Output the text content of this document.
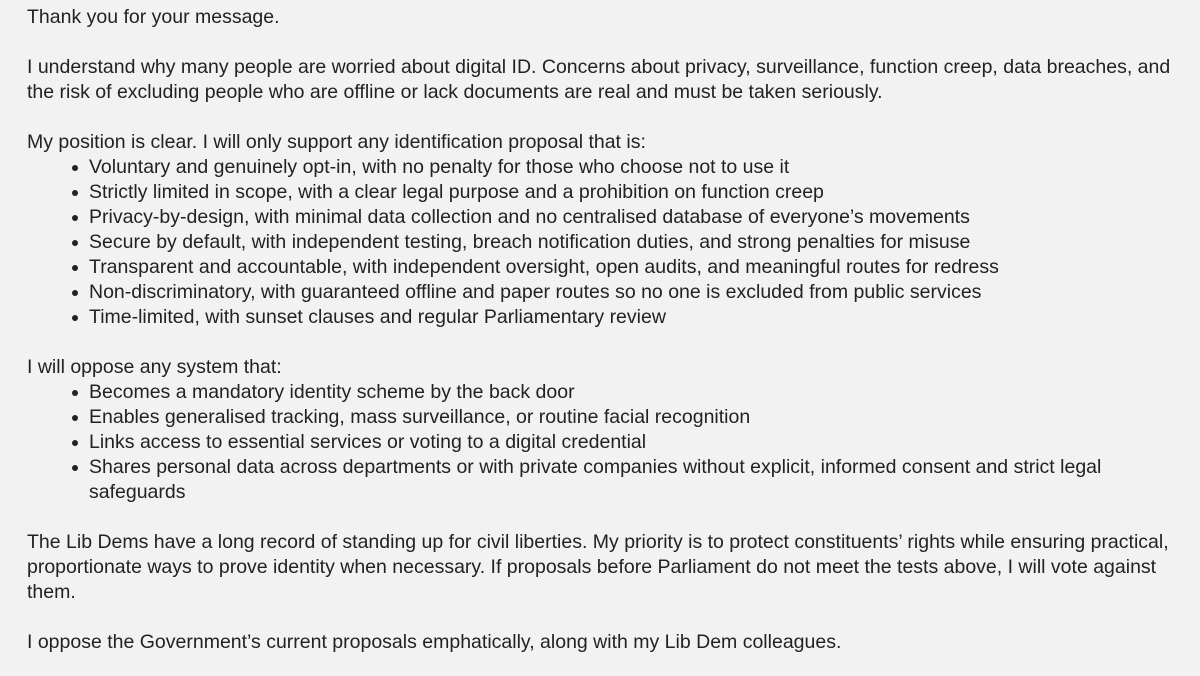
Thank you for your message.

I understand why many people are worried about digital ID. Concerns about privacy, surveillance, function creep, data breaches, and the risk of excluding people who are offline or lack documents are real and must be taken seriously.

My position is clear. I will only support any identification proposal that is:

Voluntary and genuinely opt-in, with no penalty for those who choose not to use it
Strictly limited in scope, with a clear legal purpose and a prohibition on function creep
Privacy-by-design, with minimal data collection and no centralised database of everyone’s movements
Secure by default, with independent testing, breach notification duties, and strong penalties for misuse
Transparent and accountable, with independent oversight, open audits, and meaningful routes for redress
Non-discriminatory, with guaranteed offline and paper routes so no one is excluded from public services
Time-limited, with sunset clauses and regular Parliamentary review

I will oppose any system that:

Becomes a mandatory identity scheme by the back door
Enables generalised tracking, mass surveillance, or routine facial recognition
Links access to essential services or voting to a digital credential
Shares personal data across departments or with private companies without explicit, informed consent and strict legal safeguards

The Lib Dems have a long record of standing up for civil liberties. My priority is to protect constituents’ rights while ensuring practical, proportionate ways to prove identity when necessary. If proposals before Parliament do not meet the tests above, I will vote against them.

I oppose the Government’s current proposals emphatically, along with my Lib Dem colleagues.
